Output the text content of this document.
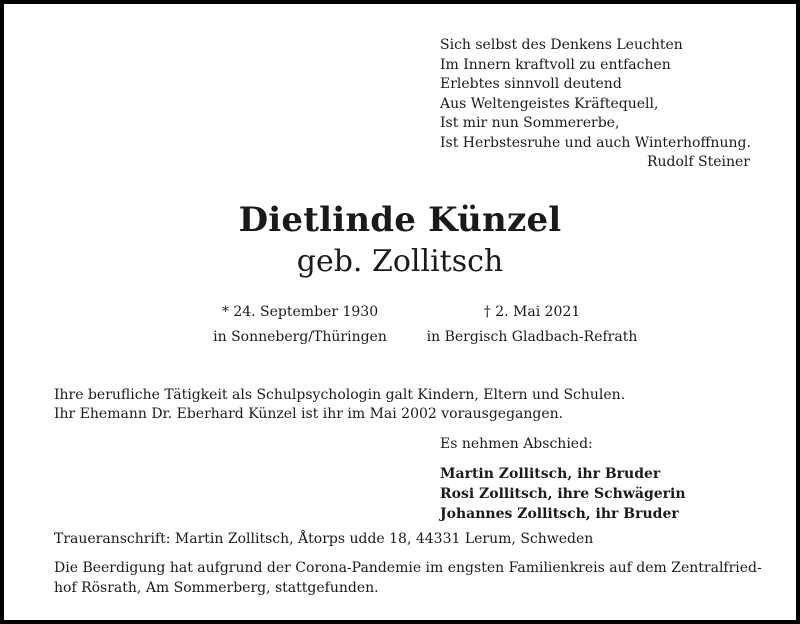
Sich selbst des Denkens Leuchten
Im Innern kraftvoll zu entfachen
Erlebtes sinnvoll deutend
Aus Weltengeistes Kräftequell,
Ist mir nun Sommererbe,
Ist Herbstesruhe und auch Winterhoffnung.
Rudolf Steiner
Dietlinde Künzel
geb. Zollitsch
* 24. September 1930
in Sonneberg/Thüringen
† 2. Mai 2021
in Bergisch Gladbach-Refrath
Ihre berufliche Tätigkeit als Schulpsychologin galt Kindern, Eltern und Schulen.
Ihr Ehemann Dr. Eberhard Künzel ist ihr im Mai 2002 vorausgegangen.
Es nehmen Abschied:
Martin Zollitsch, ihr Bruder
Rosi Zollitsch, ihre Schwägerin
Johannes Zollitsch, ihr Bruder
Traueranschrift: Martin Zollitsch, Åtorps udde 18, 44331 Lerum, Schweden
Die Beerdigung hat aufgrund der Corona-Pandemie im engsten Familienkreis auf dem Zentralfried-
hof Rösrath, Am Sommerberg, stattgefunden.
